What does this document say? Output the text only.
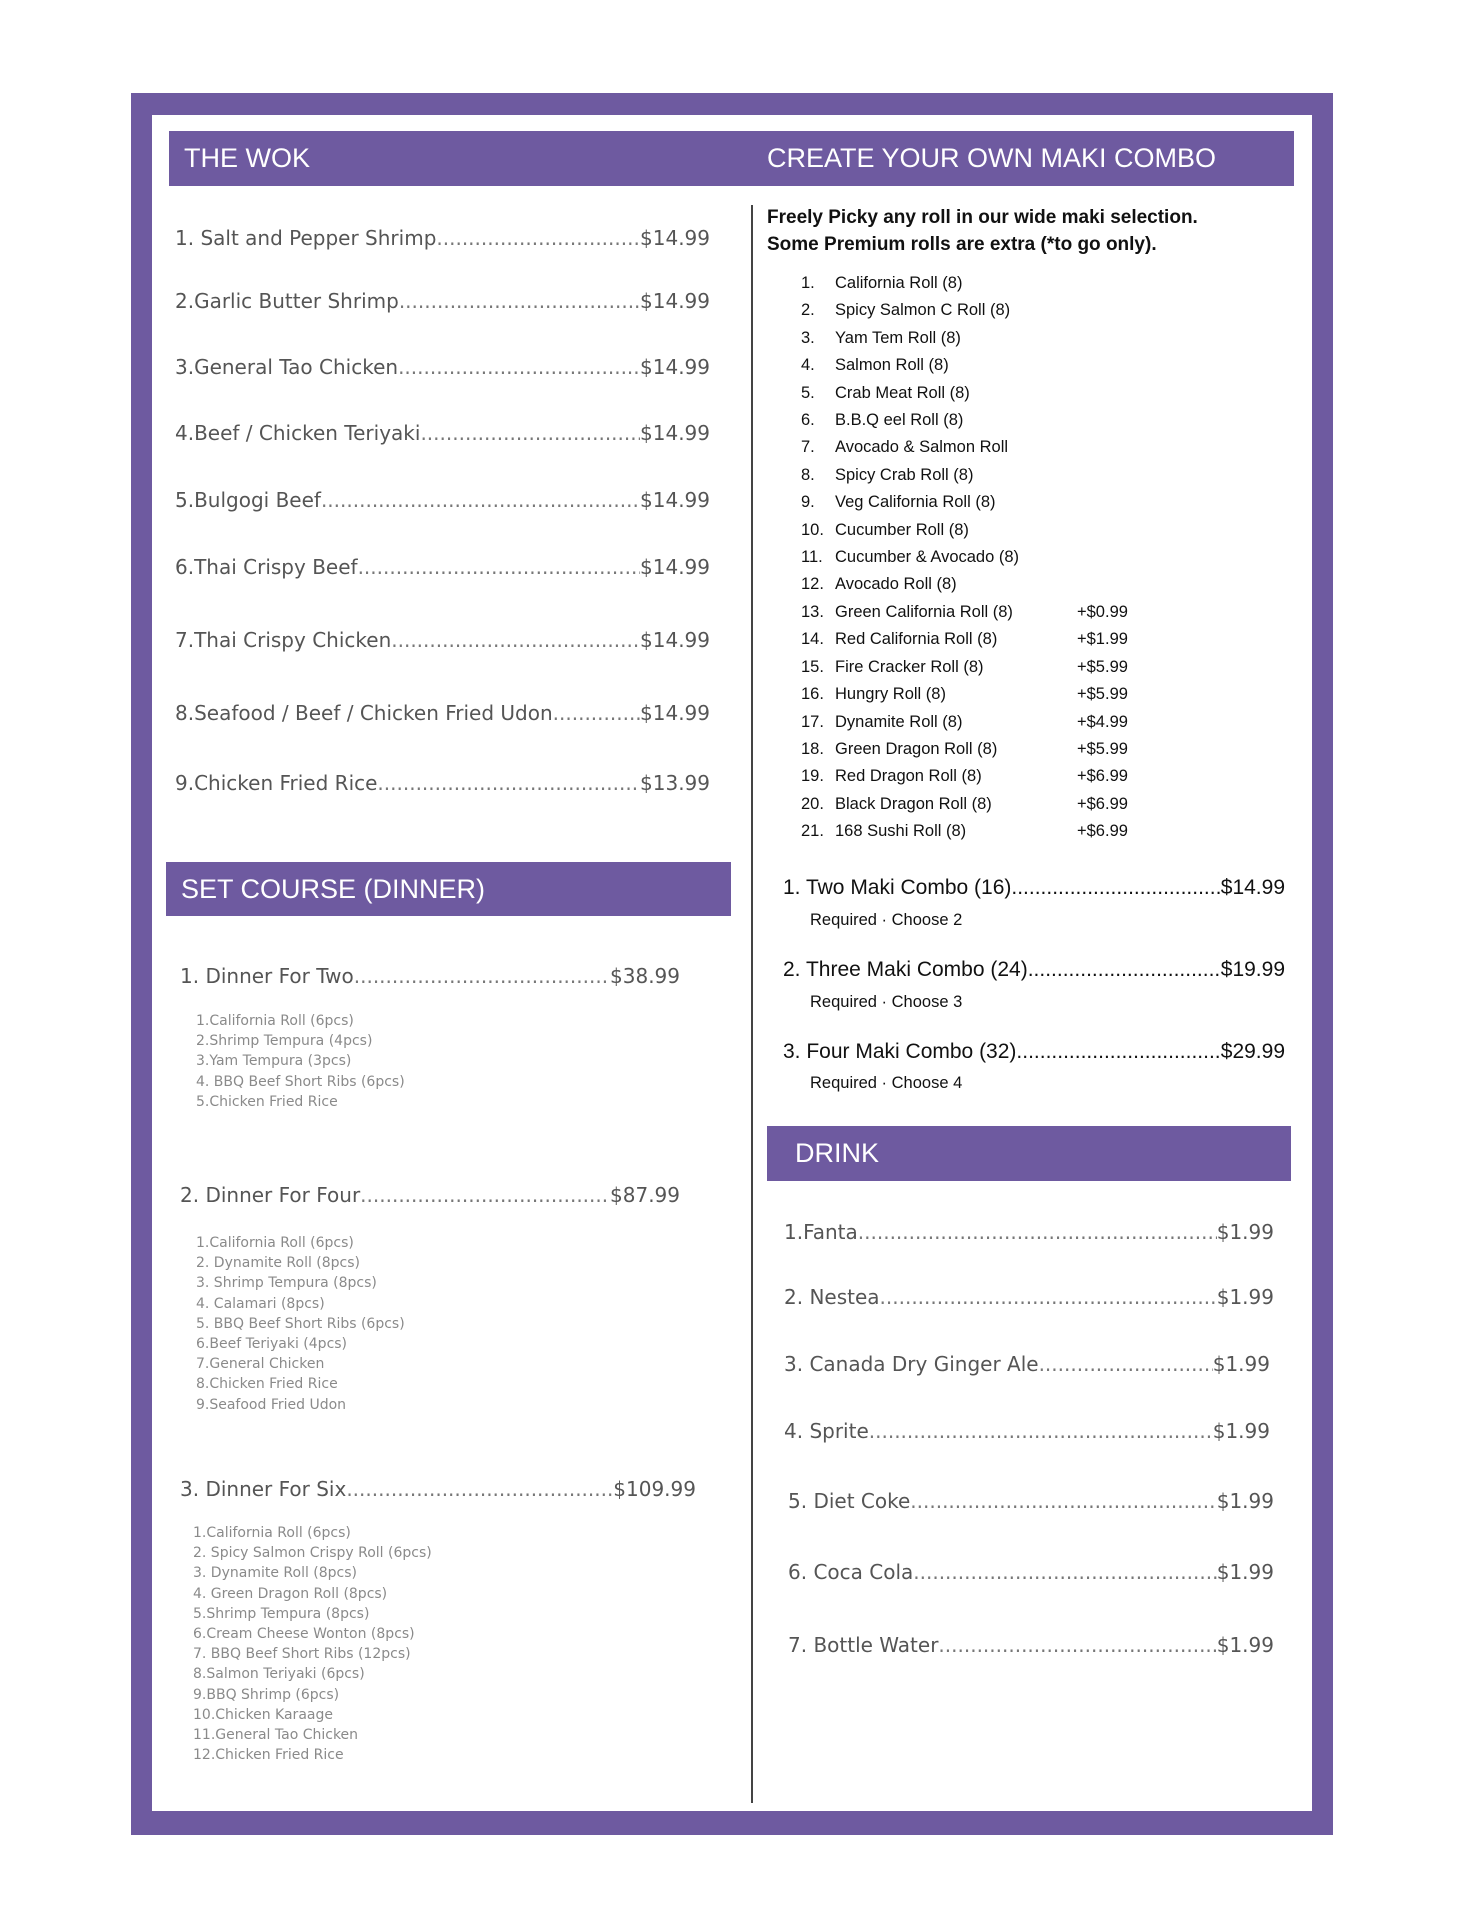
THE WOK
1. Salt and Pepper Shrimp .....	$14.99
2.Garlic Butter Shrimp .....	$14.99
3.General Tao Chicken .....	$14.99
4.Beef / Chicken Teriyaki .....	$14.99
5.Bulgogi Beef .....	$14.99
6.Thai Crispy Beef .....	$14.99
7.Thai Crispy Chicken .....	$14.99
8.Seafood / Beef / Chicken Fried Udon .....	$14.99
9.Chicken Fried Rice .....	$13.99
SET COURSE (DINNER)
1. Dinner For Two .....	$38.99
1.California Roll (6pcs)
2.Shrimp Tempura (4pcs)
3.Yam Tempura (3pcs)
4. BBQ Beef Short Ribs (6pcs)
5.Chicken Fried Rice
2. Dinner For Four .....	$87.99
1.California Roll (6pcs)
2. Dynamite Roll (8pcs)
3. Shrimp Tempura (8pcs)
4. Calamari (8pcs)
5. BBQ Beef Short Ribs (6pcs)
6.Beef Teriyaki (4pcs)
7.General Chicken
8.Chicken Fried Rice
9.Seafood Fried Udon
3. Dinner For Six .....	$109.99
1.California Roll (6pcs)
2. Spicy Salmon Crispy Roll (6pcs)
3. Dynamite Roll (8pcs)
4. Green Dragon Roll (8pcs)
5.Shrimp Tempura (8pcs)
6.Cream Cheese Wonton (8pcs)
7. BBQ Beef Short Ribs (12pcs)
8.Salmon Teriyaki (6pcs)
9.BBQ Shrimp (6pcs)
10.Chicken Karaage
11.General Tao Chicken
12.Chicken Fried Rice
CREATE YOUR OWN MAKI COMBO
Freely Picky any roll in our wide maki selection.
Some Premium rolls are extra (*to go only).
1.	California Roll (8)
2.	Spicy Salmon C Roll (8)
3.	Yam Tem Roll (8)
4.	Salmon Roll (8)
5.	Crab Meat Roll (8)
6.	B.B.Q eel Roll (8)
7.	Avocado & Salmon Roll
8.	Spicy Crab Roll (8)
9.	Veg California Roll (8)
10. Cucumber Roll (8)
11. Cucumber & Avocado (8)
12. Avocado Roll (8)
13. Green California Roll (8)	+$0.99
14. Red California Roll (8)	+$1.99
15. Fire Cracker Roll (8)	+$5.99
16. Hungry Roll (8)	+$5.99
17. Dynamite Roll (8)	+$4.99
18. Green Dragon Roll (8)	+$5.99
19. Red Dragon Roll (8)	+$6.99
20. Black Dragon Roll (8)	+$6.99
21. 168 Sushi Roll (8)	+$6.99
1. Two Maki Combo (16) .....	$14.99
Required · Choose 2
2. Three Maki Combo (24) .....	$19.99
Required · Choose 3
3. Four Maki Combo (32) .....	$29.99
Required · Choose 4
DRINK
1.Fanta .....	$1.99
2. Nestea .....	$1.99
3. Canada Dry Ginger Ale .....	$1.99
4. Sprite .....	$1.99
5. Diet Coke .....	$1.99
6. Coca Cola .....	$1.99
7. Bottle Water .....	$1.99
